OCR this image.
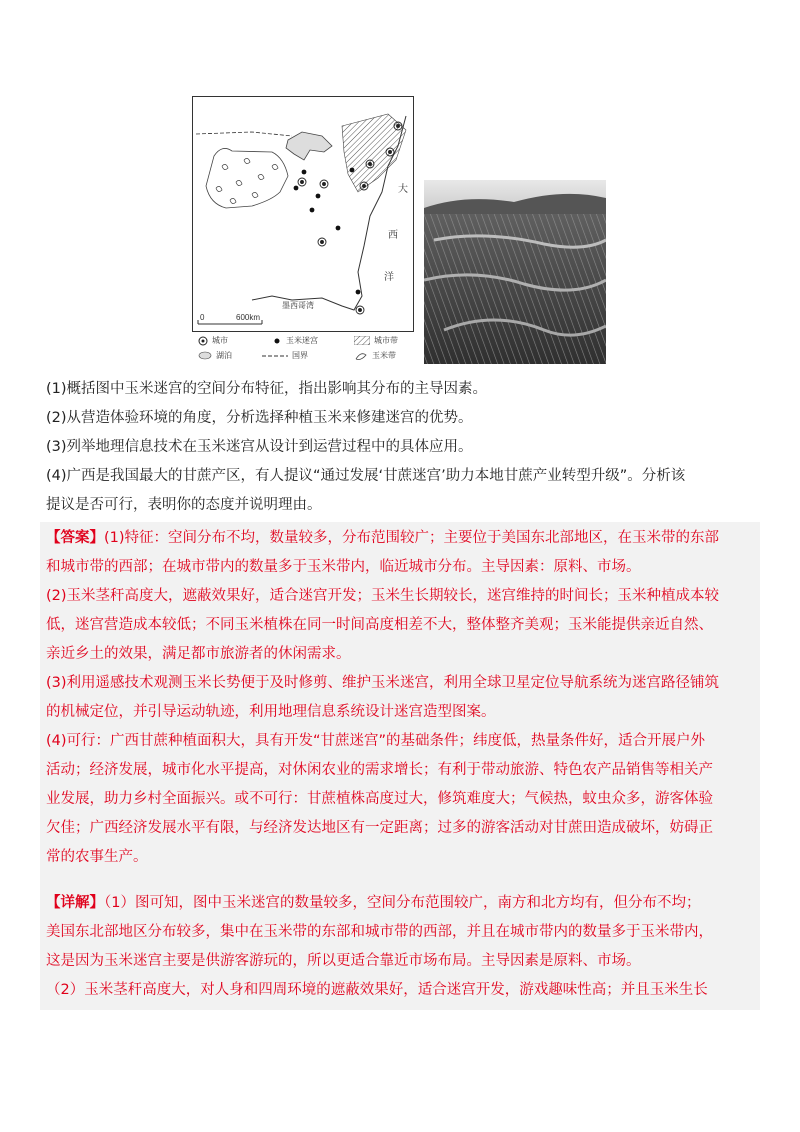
大
西
洋
墨西哥湾
0	600km
城市	玉米迷宫	城市带
湖泊	国界	玉米带
(1)概括图中玉米迷宫的空间分布特征，指出影响其分布的主导因素。
(2)从营造体验环境的角度，分析选择种植玉米来修建迷宫的优势。
(3)列举地理信息技术在玉米迷宫从设计到运营过程中的具体应用。
(4)广西是我国最大的甘蔗产区，有人提议“通过发展‘甘蔗迷宫’助力本地甘蔗产业转型升级”。分析该
提议是否可行，表明你的态度并说明理由。
【答案】(1)特征：空间分布不均，数量较多，分布范围较广；主要位于美国东北部地区，在玉米带的东部
和城市带的西部；在城市带内的数量多于玉米带内，临近城市分布。主导因素：原料、市场。
(2)玉米茎秆高度大，遮蔽效果好，适合迷宫开发；玉米生长期较长，迷宫维持的时间长；玉米种植成本较
低，迷宫营造成本较低；不同玉米植株在同一时间高度相差不大，整体整齐美观；玉米能提供亲近自然、
亲近乡土的效果，满足都市旅游者的休闲需求。
(3)利用遥感技术观测玉米长势便于及时修剪、维护玉米迷宫，利用全球卫星定位导航系统为迷宫路径铺筑
的机械定位，并引导运动轨迹，利用地理信息系统设计迷宫造型图案。
(4)可行：广西甘蔗种植面积大，具有开发“甘蔗迷宫”的基础条件；纬度低，热量条件好，适合开展户外
活动；经济发展，城市化水平提高，对休闲农业的需求增长；有利于带动旅游、特色农产品销售等相关产
业发展，助力乡村全面振兴。或不可行：甘蔗植株高度过大，修筑难度大；气候热，蚊虫众多，游客体验
欠佳；广西经济发展水平有限，与经济发达地区有一定距离；过多的游客活动对甘蔗田造成破坏，妨碍正
常的农事生产。
【详解】（1）图可知，图中玉米迷宫的数量较多，空间分布范围较广，南方和北方均有，但分布不均；
美国东北部地区分布较多，集中在玉米带的东部和城市带的西部，并且在城市带内的数量多于玉米带内，
这是因为玉米迷宫主要是供游客游玩的，所以更适合靠近市场布局。主导因素是原料、市场。
（2）玉米茎秆高度大，对人身和四周环境的遮蔽效果好，适合迷宫开发，游戏趣味性高；并且玉米生长
